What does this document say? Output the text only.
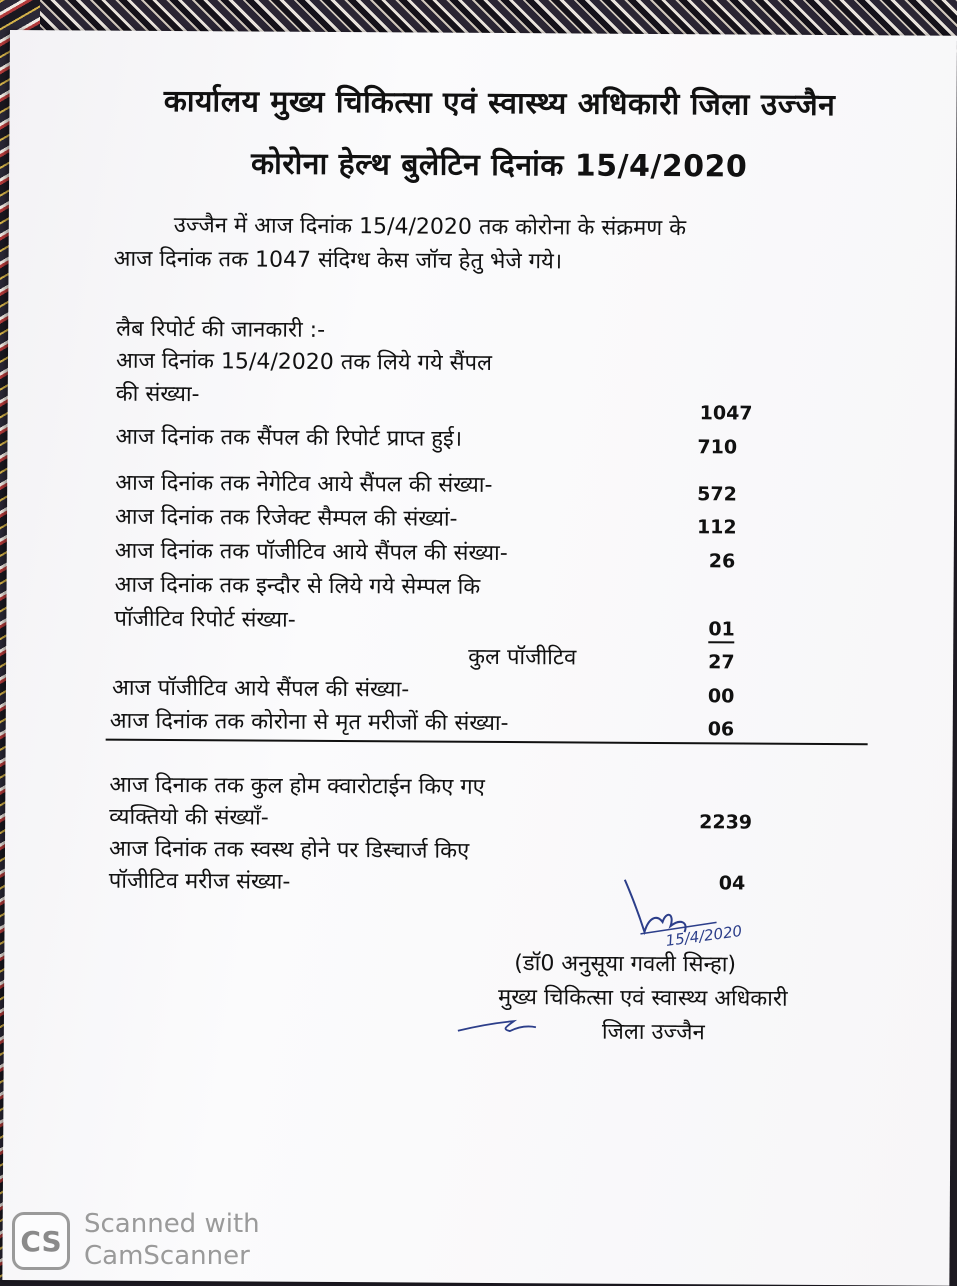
कार्यालय मुख्य चिकित्सा एवं स्वास्थ्य अधिकारी जिला उज्जैन
कोरोना हेल्थ बुलेटिन दिनांक 15/4/2020
उज्जैन में आज दिनांक 15/4/2020 तक कोरोना के संक्रमण के
आज दिनांक तक 1047 संदिग्ध केस जॉच हेतु भेजे गये।
लैब रिपोर्ट की जानकारी :-
आज दिनांक 15/4/2020 तक लिये गये सैंपल
की संख्या-
1047
आज दिनांक तक सैंपल की रिपोर्ट प्राप्त हुई।	710
आज दिनांक तक नेगेटिव आये सैंपल की संख्या-	572
आज दिनांक तक रिजेक्ट सैम्पल की संख्यां-	112
आज दिनांक तक पॉजीटिव आये सैंपल की संख्या-	26
आज दिनांक तक इन्दौर से लिये गये सेम्पल कि
पॉजीटिव रिपोर्ट संख्या-	01
कुल पॉजीटिव	27
आज पॉजीटिव आये सैंपल की संख्या-	00
आज दिनांक तक कोरोना से मृत मरीजों की संख्या-	06
आज दिनाक तक कुल होम क्वारोटाईन किए गए
व्यक्तियो की संख्यॉं-	2239
आज दिनांक तक स्वस्थ होने पर डिस्चार्ज किए
पॉजीटिव मरीज संख्या-	04
15/4/2020
(डॉ0 अनुसूया गवली सिन्हा)
मुख्य चिकित्सा एवं स्वास्थ्य अधिकारी
जिला उज्जैन
CS
Scanned with
CamScanner
